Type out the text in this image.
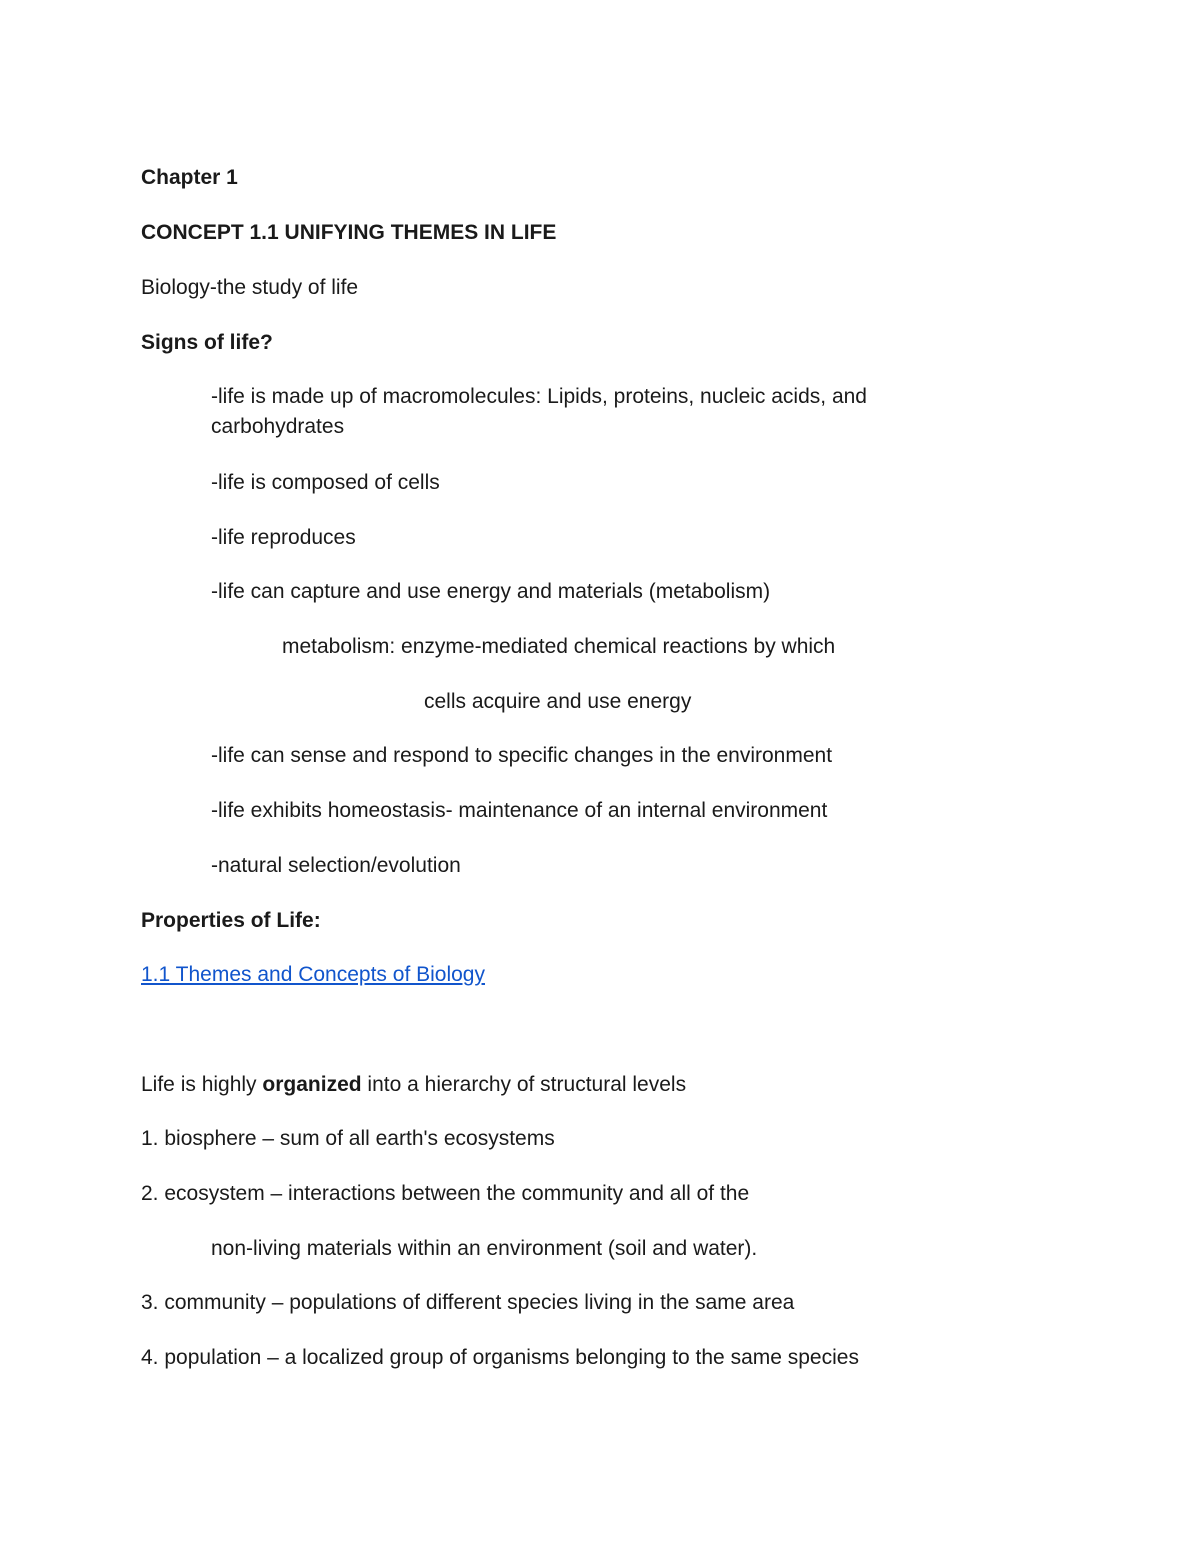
Chapter 1
CONCEPT 1.1 UNIFYING THEMES IN LIFE
Biology-the study of life
Signs of life?
-life is made up of macromolecules: Lipids, proteins, nucleic acids, and carbohydrates
-life is composed of cells
-life reproduces
-life can capture and use energy and materials (metabolism)
metabolism: enzyme-mediated chemical reactions by which
cells acquire and use energy
-life can sense and respond to specific changes in the environment
-life exhibits homeostasis- maintenance of an internal environment
-natural selection/evolution
Properties of Life:
1.1 Themes and Concepts of Biology
Life is highly organized into a hierarchy of structural levels
1. biosphere – sum of all earth's ecosystems
2. ecosystem – interactions between the community and all of the
non-living materials within an environment (soil and water).
3. community – populations of different species living in the same area
4. population – a localized group of organisms belonging to the same species
